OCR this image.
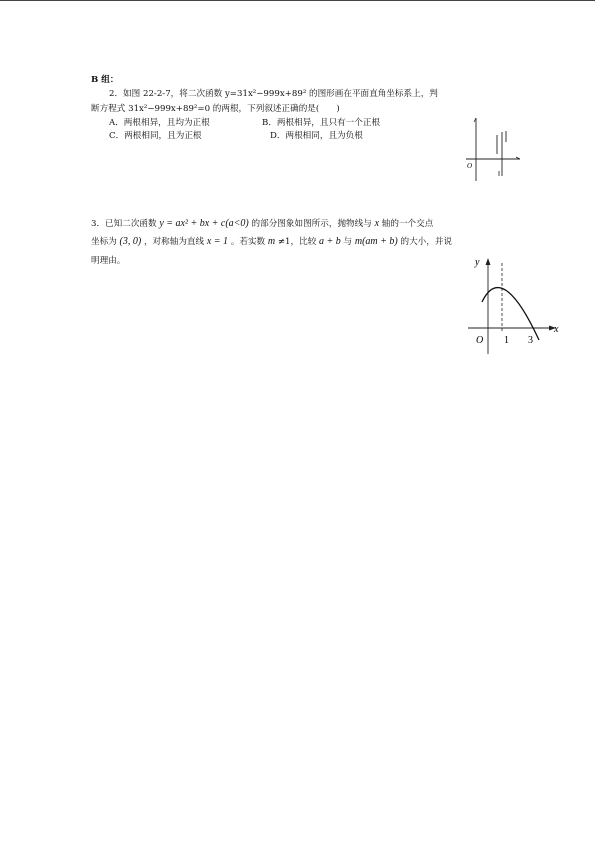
B 组：
2．如图 22-2-7，将二次函数 y=31x²−999x+89² 的图形画在平面直角坐标系上，判
断方程式 31x²−999x+89²=0 的两根，下列叙述正确的是(　　)
A．两根相异，且均为正根	B．两根相异，且只有一个正根
C．两根相同，且为正根	D．两根相同，且为负根
O
3．已知二次函数 y = ax² + bx + c(a<0) 的部分图象如图所示，抛物线与 x 轴的一个交点
坐标为 (3, 0) ，对称轴为直线 x = 1 。若实数 m ≠1，比较 a + b 与 m(am + b) 的大小，并说
明理由。	y
x
O 1 3
